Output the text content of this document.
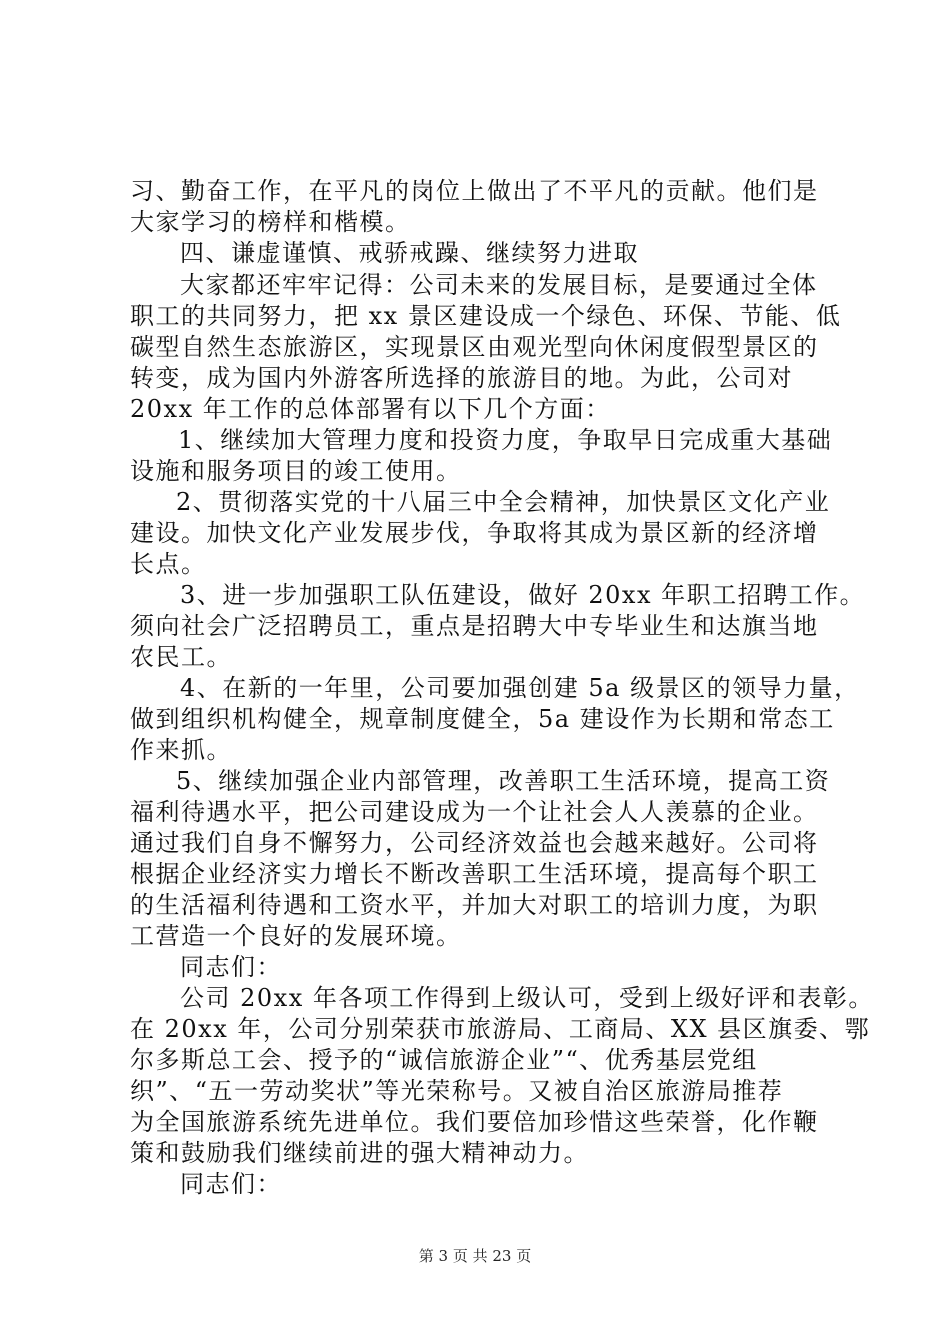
习、勤奋工作，在平凡的岗位上做出了不平凡的贡献。他们是
大家学习的榜样和楷模。
四、谦虚谨慎、戒骄戒躁、继续努力进取
大家都还牢牢记得：公司未来的发展目标，是要通过全体
职工的共同努力，把 xx 景区建设成一个绿色、环保、节能、低
碳型自然生态旅游区，实现景区由观光型向休闲度假型景区的
转变，成为国内外游客所选择的旅游目的地。为此，公司对
20xx 年工作的总体部署有以下几个方面：
1、继续加大管理力度和投资力度，争取早日完成重大基础
设施和服务项目的竣工使用。
2、贯彻落实党的十八届三中全会精神，加快景区文化产业
建设。加快文化产业发展步伐，争取将其成为景区新的经济增
长点。
3、进一步加强职工队伍建设，做好 20xx 年职工招聘工作。
须向社会广泛招聘员工，重点是招聘大中专毕业生和达旗当地
农民工。
4、在新的一年里，公司要加强创建 5a 级景区的领导力量，
做到组织机构健全，规章制度健全，5a 建设作为长期和常态工
作来抓。
5、继续加强企业内部管理，改善职工生活环境，提高工资
福利待遇水平，把公司建设成为一个让社会人人羡慕的企业。
通过我们自身不懈努力，公司经济效益也会越来越好。公司将
根据企业经济实力增长不断改善职工生活环境，提高每个职工
的生活福利待遇和工资水平，并加大对职工的培训力度，为职
工营造一个良好的发展环境。
同志们：
公司 20xx 年各项工作得到上级认可，受到上级好评和表彰。
在 20xx 年，公司分别荣获市旅游局、工商局、XX 县区旗委、鄂
尔多斯总工会、授予的“诚信旅游企业”“、优秀基层党组
织”、“五一劳动奖状”等光荣称号。又被自治区旅游局推荐
为全国旅游系统先进单位。我们要倍加珍惜这些荣誉，化作鞭
策和鼓励我们继续前进的强大精神动力。
同志们：
第 3 页 共 23 页
